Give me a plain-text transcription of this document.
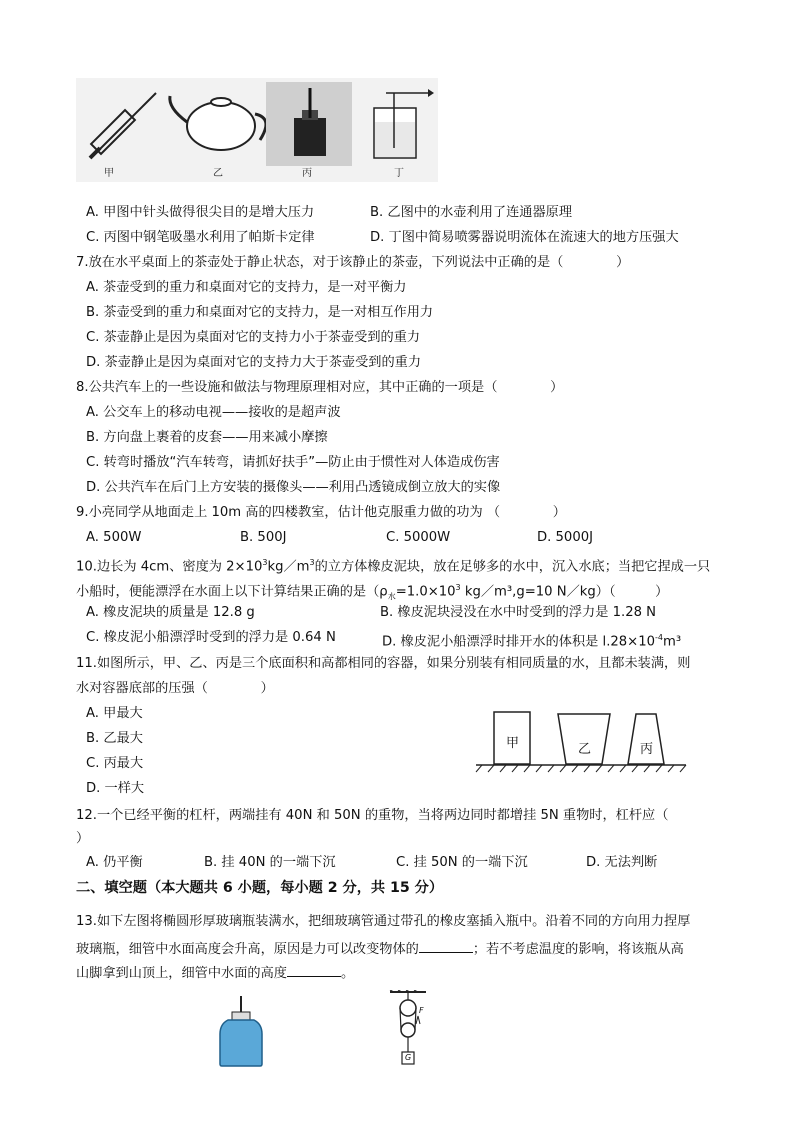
甲	乙	丙	丁
A. 甲图中针头做得很尖目的是增大压力	B. 乙图中的水壶利用了连通器原理
C. 丙图中钢笔吸墨水利用了帕斯卡定律	D. 丁图中简易喷雾器说明流体在流速大的地方压强大
7.放在水平桌面上的茶壶处于静止状态，对于该静止的茶壶，下列说法中正确的是（　　　　）
A. 茶壶受到的重力和桌面对它的支持力，是一对平衡力
B. 茶壶受到的重力和桌面对它的支持力，是一对相互作用力
C. 茶壶静止是因为桌面对它的支持力小于茶壶受到的重力
D. 茶壶静止是因为桌面对它的支持力大于茶壶受到的重力
8.公共汽车上的一些设施和做法与物理原理相对应，其中正确的一项是（　　　　）
A. 公交车上的移动电视——接收的是超声波
B. 方向盘上裹着的皮套——用来减小摩擦
C. 转弯时播放“汽车转弯，请抓好扶手”—防止由于惯性对人体造成伤害
D. 公共汽车在后门上方安装的摄像头——利用凸透镜成倒立放大的实像
9.小亮同学从地面走上 10m 高的四楼教室，估计他克服重力做的功为 （　　　　）
A. 500W	B. 500J	C. 5000W	D. 5000J
10.边长为 4cm、密度为 $2\times 10^3kg/m^3$的立方体橡皮泥块，放在足够多的水中，沉入水底；当把它捏成一只
小船时，便能漂浮在水面上以下计算结果正确的是（$\rho_水=1.0\times 10^3$ kg／m³,g=10 N／kg）（　　　）
A. 橡皮泥块的质量是 12.8 g	B. 橡皮泥块浸没在水中时受到的浮力是 1.28 N
C. 橡皮泥小船漂浮时受到的浮力是 0.64 N	D. 橡皮泥小船漂浮时排开水的体积是 $l.28\times 10^{-4}m^3$
11.如图所示，甲、乙、丙是三个底面积和高都相同的容器，如果分别装有相同质量的水，且都未装满，则
水对容器底部的压强（　　　　）
A. 甲最大
B. 乙最大
C. 丙最大
D. 一样大
甲	乙	丙
12.一个已经平衡的杠杆，两端挂有 40N 和 50N 的重物，当将两边同时都增挂 5N 重物时，杠杆应（
）
A. 仍平衡	B. 挂 40N 的一端下沉	C. 挂 50N 的一端下沉	D. 无法判断
二、填空题（本大题共 6 小题，每小题 2 分，共 15 分）
13.如下左图将椭圆形厚玻璃瓶装满水，把细玻璃管通过带孔的橡皮塞插入瓶中。沿着不同的方向用力捏厚
玻璃瓶，细管中水面高度会升高，原因是力可以改变物体的	；若不考虑温度的影响，将该瓶从高
山脚拿到山顶上，细管中水面的高度	。
F
G
